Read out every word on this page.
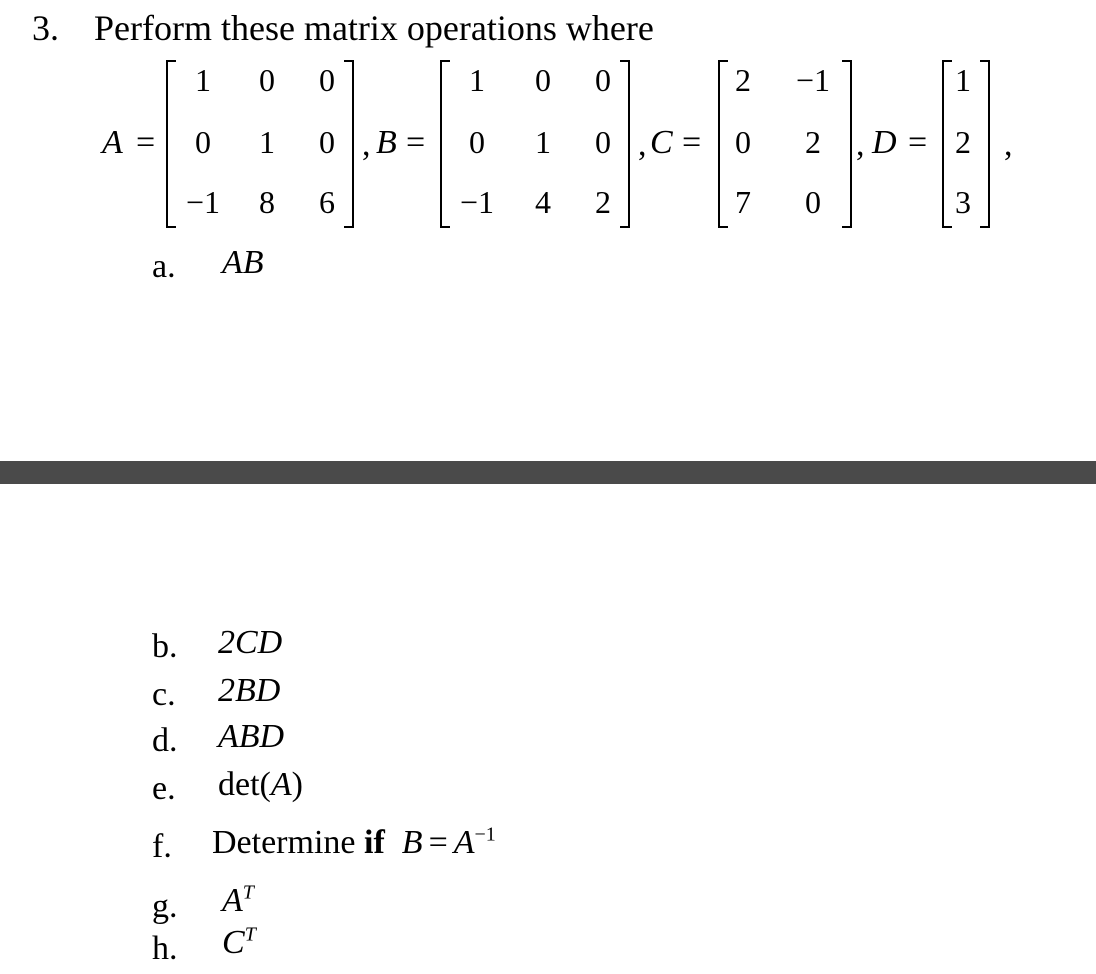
3. Perform these matrix operations where
A =
1	0	0
0	1	0
−1	8	6
, B =
1	0	0
0	1	0
−1	4	2
, C =
2	−1
0	2
7	0
, D =
1
2
3
,
a. AB
b. 2CD
c. 2BD
d. ABD
e. det(A)
f. Determine if $B = A^{-1}$
g. $A^T$
h. $C^T$
